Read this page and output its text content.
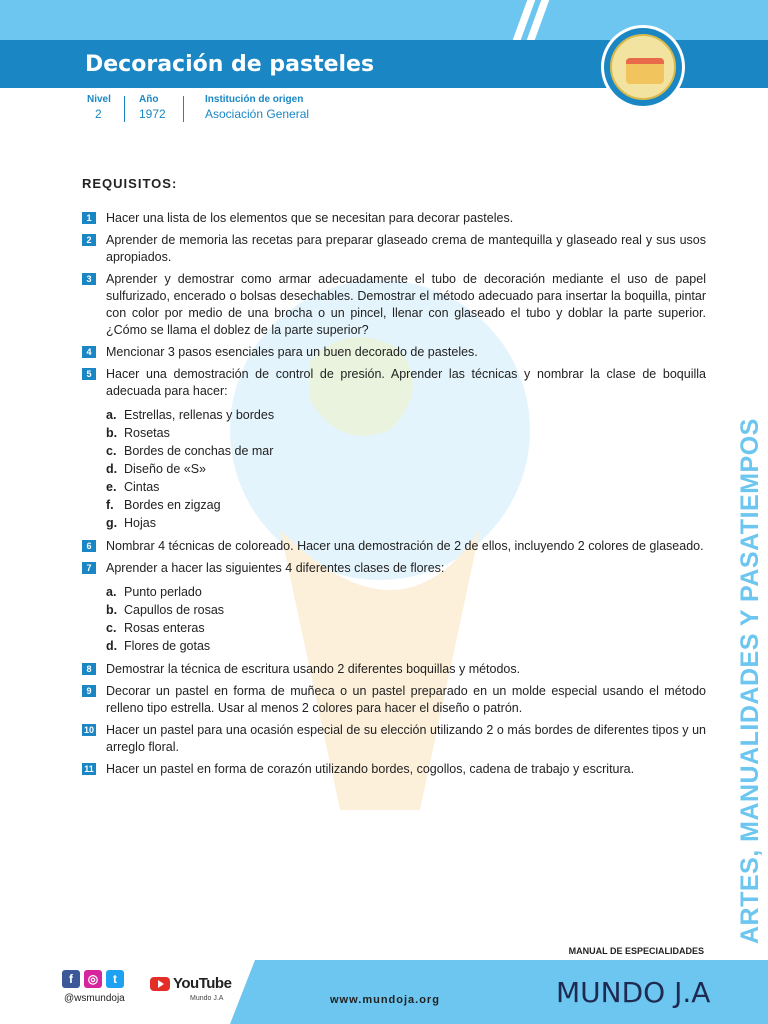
Decoración de pasteles
Nivel
2
Año
1972
Institución de origen
Asociación General
REQUISITOS:
1	Hacer una lista de los elementos que se necesitan para decorar pasteles.
2	Aprender de memoria las recetas para preparar glaseado crema de mantequilla y glaseado real y sus usos apropiados.
3	Aprender y demostrar como armar adecuadamente el tubo de decoración mediante el uso de papel sulfurizado, encerado o bolsas desechables. Demostrar el método adecuado para insertar la boquilla, pintar con color por medio de una brocha o un pincel, llenar con glaseado el tubo y doblar la parte superior. ¿Cómo se llama el doblez de la parte superior?
4	Mencionar 3 pasos esenciales para un buen decorado de pasteles.
5	Hacer una demostración de control de presión. Aprender las técnicas y nombrar la clase de boquilla adecuada para hacer:
a. Estrellas, rellenas y bordes
b. Rosetas
c. Bordes de conchas de mar
d. Diseño de «S»
e. Cintas
f. Bordes en zigzag
g. Hojas
6	Nombrar 4 técnicas de coloreado. Hacer una demostración de 2 de ellos, incluyendo 2 colores de glaseado.
7	Aprender a hacer las siguientes 4 diferentes clases de flores:
a. Punto perlado
b. Capullos de rosas
c. Rosas enteras
d. Flores de gotas
8	Demostrar la técnica de escritura usando 2 diferentes boquillas y métodos.
9	Decorar un pastel en forma de muñeca o un pastel preparado en un molde especial usando el método relleno tipo estrella. Usar al menos 2 colores para hacer el diseño o patrón.
10 Hacer un pastel para una ocasión especial de su elección utilizando 2 o más bordes de diferentes tipos y un arreglo floral.
11 Hacer un pastel en forma de corazón utilizando bordes, cogollos, cadena de trabajo y escritura.	ARTES, MANUALIDADES Y PASATIEMPOS
MANUAL DE ESPECIALIDADES
f	◎	t
@wsmundoja
YouTube
Mundo J.A	www.mundoja.org	MUNDO J.A
